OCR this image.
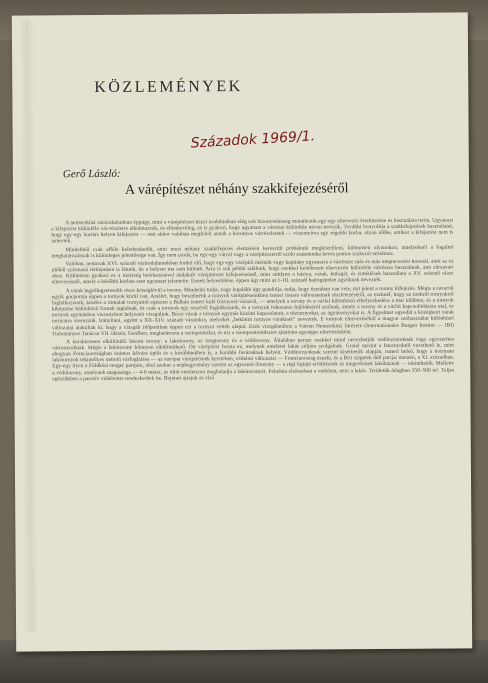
KÖZLEMÉNYEK
Századok 1969/1.
Gerő László:
A várépítészet néhány szakkifejezéséről

A nemzetközi várirodalomban éppúgy, mint a várépítészet hazai irodalmában elég sok bizonytalanság mutatkozik egy-egy elnevezés értelmezése és használata terén. Ugyanazt a kifejezést különféle vár-részletre alkalmazzák, és ellenkezőleg, az is gyakori, hogy ugyanazt a várrészt különféle néven nevezik. További bonyolítja a szakkifejezések használatát, hogy egy-egy kortárs helyen kifejezést — ami akkor valóban megfelelt annak a korunyos várrészletnek — viszonyítva egy régebbi korba, olyan időbe, amikor a kifejezést nem is ismerték.

Mindebből csak afféle kelethezkedik, amit most néhány szakkifejezés elemzésén keresztül próbálunk megközelíteni, különösen olyanokon, amelyeknél a fogalmi meghatározásnak is különleges jelentősége van. Így nem csoda, ha egy-egy várról vagy a várépítészetről szóló szakmunka kevés pontos szakszót tartalmaz.

Valóban, nemcsak XVI. századi várirodalmunkban fordul elő, hogy egy-egy várépítő mérnök vagy kapitány ugyanarra a várrészre más és más megnevezést használ, amit az ez időből származó térképeken is látunk, de a helyzet ma sem különb. Arra is sok példát találunk, hogy ezekkel kelethezett elnevezést különféle várrészre használnak, ami zűrzavart okoz. Különösen gyakori ez a tüzérség beérkezésével átalakult várépítészet kifejezéseinél, mint amilyen a bástya, várak, köfogát, és ismétlések használata a XV. századi olasz elnevezésnél, amely a későbbi korban sem ugyanazt jelentette. Ennek helyesbítése, éppen úgy mint az I–III. századi hajtógépeket ágyúknak nevezték.

A várak legjellegzetesebb része kétségkívül a torony. Mindenki tudja, vagy legalább úgy gondolja, tudja, hogy tisztában van vele, mit jelent a torony kifejezés. Mégis a zavarok egyik gócpontja éppen a tornyok körül van. Azelőtt, hogy beszélnénk a tornyok várépítéseinkben ismert összes változatainak részletezéséről, az ezeknél, hogy az ezekről tornyokról foglalkozzunk, kezdve a rómaiak tornyaitól egészen a Balkán ismert kulé (tornyos)-várairól, — amelyek a torony és a várfal különböző elhelyezkedése a mai időkben, és a tornyok kiképzése különböző formát taglalnak, itt csak a tornyok egy részéről foglalkozunk, és a tornyok fokozatos fejlődéséről szólunk, amely a torony és a várfal kapcsolódására utal, és tornyok egymáshoz viszonyított helyzetét vizsgáljuk. Bécsi várak a tornyok egymás közötti kapcsolatait, a tűztornyokat, az ágyútornyokat is. A figyelmet egyedül a középkori várak tornyaira szerezzük. Irányítani, együtt a XII–XIV. századi várainkra, melyeket „bekötött tornyos váraknak” neveztek. E tornyok elnevezéséből a magyar szóhasználat különböző változatai alakultak ki, hogy a vizsgált időpontban éppen ezt a tornyot vették alapul. Ezek vizsgálatához a Vártan Nemzetközi Intézete (Internationales Burgen Institut — IBI) Tudományos Tanácsa VII. ülésén, Genfben, meghatározta a szempontokat, és ezt a szempontrendszert ajánlotta egységes elnevezésként.

A karakteresen elkülönülő három torony: a lakótorony, az öregtorony és a védőtorony. Általában persze ezekkel mind nevezhetjük védőtornyoknak vagy egyszerűen vártornyoknak. Mégis a lakótorony könnyen elkülöníthető. Ott várépítési forma ez, melynek emeletei lakás céljára szolgálnak. Grand szerint a fatornyoktól vezethető le, mint ahogyan Franciaországban számos kővára épült és a későbbiekben is, a korábbi faváraknak helyén. Védőtornyoknak szerint kísérhetők alapján, ismert belső, hogy a normann lakótornyok tekintélyes méretű várfoglalása — az európai várépítésnek keretében, védelmi változatai — Franciaország északi, és a Brit szigetek déli partjai mentén, a XI. században. Egy-egy ilyen a Földközi-tenger partjain, ahol azokat a néphagyomány szerint az egyszerű őrtorony — a régi fajtájú erődítésnek és megerősített lakóháznak — tekinthetők. Mellette a védőtorony, amelynek magassága — 4-6 méter, és több emeletsora meghaladja a lakótoronyét. Feladata elsősorban a védelem, nem a lakás. Területük átlagban 350–500 m². Teljes egészükben a passzív védelemre rendezkedtek be. Bejárati ajtajuk az első
